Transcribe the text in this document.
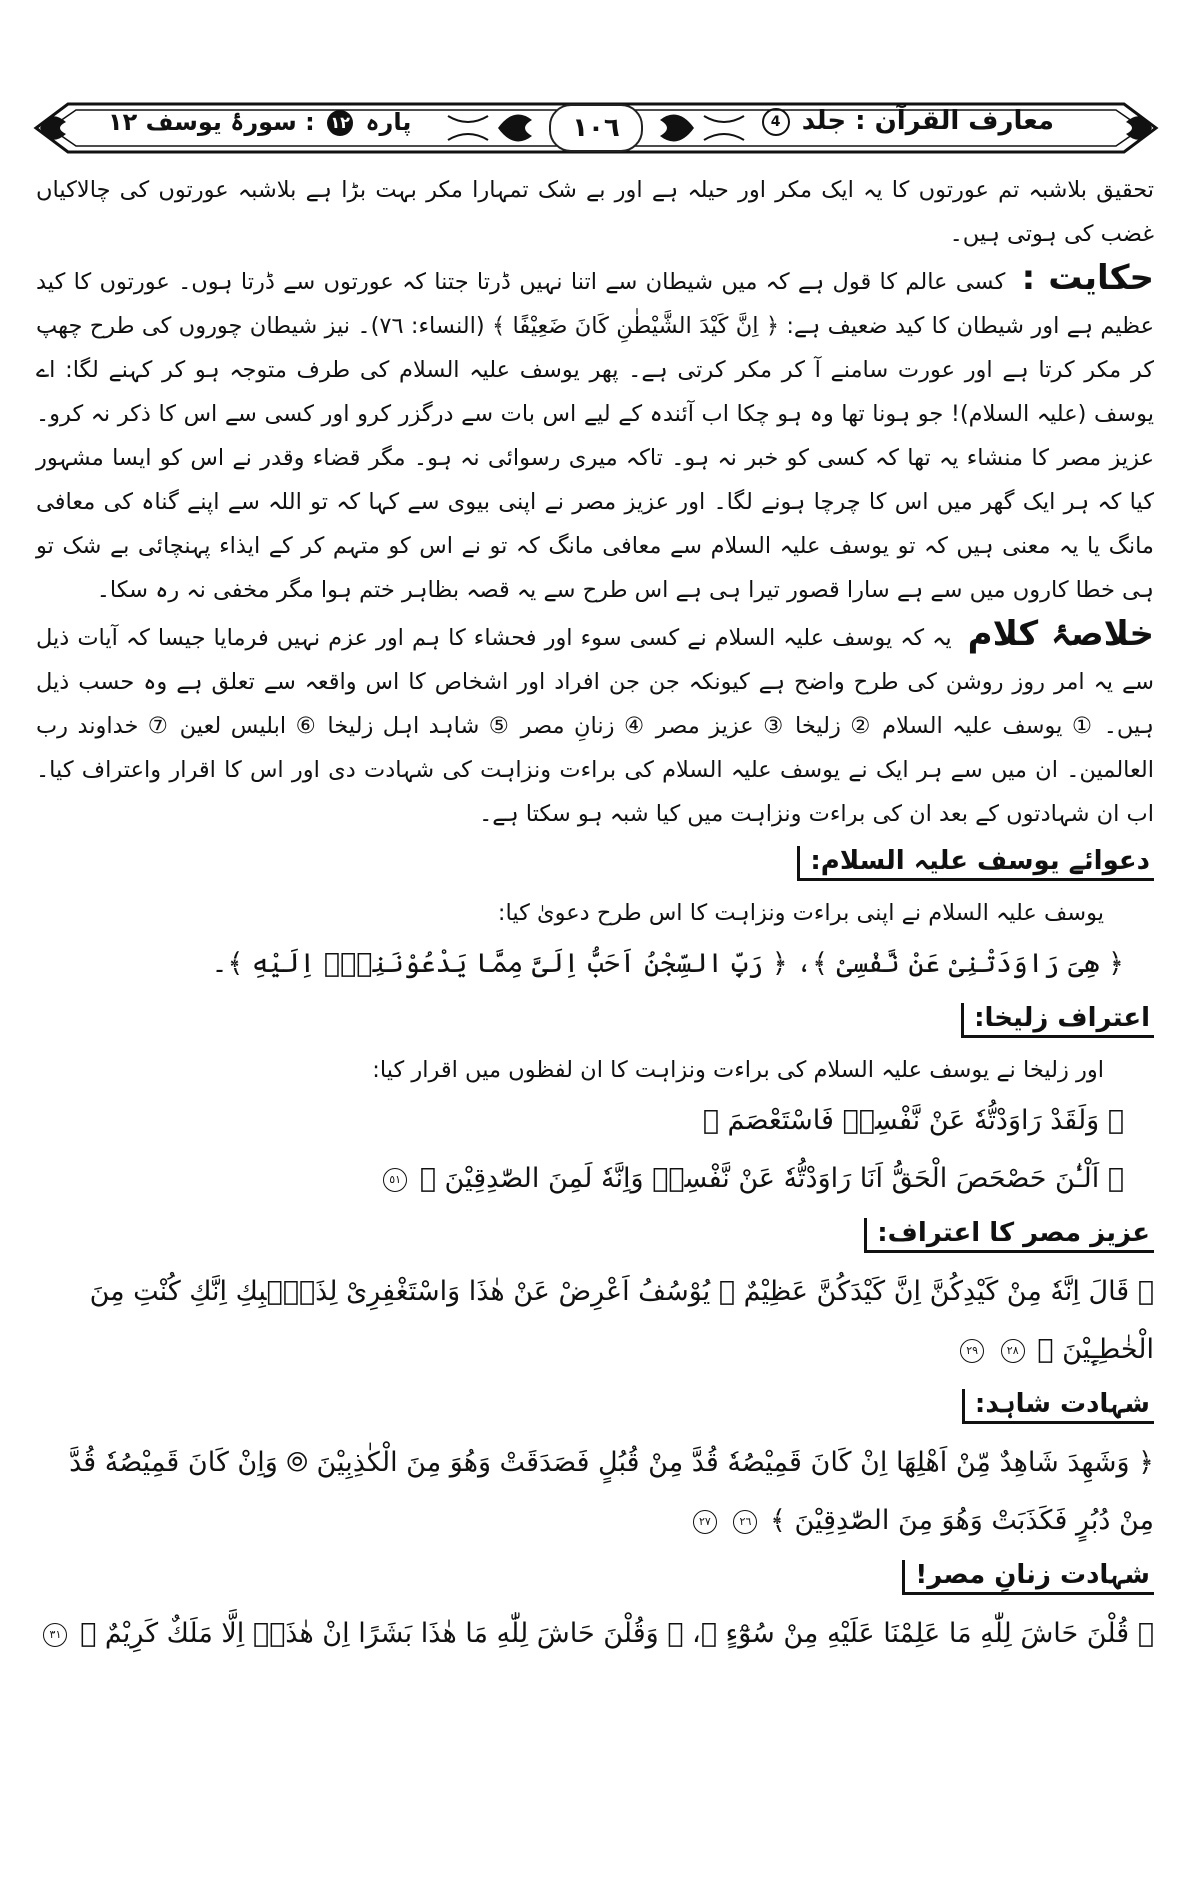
معارف القرآن : جلد 4
١٠٦
پارہ ١٢ : سورۂ یوسف ١٢

تحقیق بلاشبہ تم عورتوں کا یہ ایک مکر اور حیلہ ہے اور بے شک تمہارا مکر بہت بڑا ہے بلاشبہ عورتوں کی چالاکیاں غضب کی ہوتی ہیں۔

حکایت : کسی عالم کا قول ہے کہ میں شیطان سے اتنا نہیں ڈرتا جتنا کہ عورتوں سے ڈرتا ہوں۔ عورتوں کا کید عظیم ہے اور شیطان کا کید ضعیف ہے: ﴿ اِنَّ كَيْدَ الشَّيْطٰنِ كَانَ ضَعِيْفًا ﴾ (النساء: ٧٦)۔ نیز شیطان چوروں کی طرح چھپ کر مکر کرتا ہے اور عورت سامنے آ کر مکر کرتی ہے۔ پھر یوسف علیہ السلام کی طرف متوجہ ہو کر کہنے لگا: اے یوسف (علیہ السلام)! جو ہونا تھا وہ ہو چکا اب آئندہ کے لیے اس بات سے درگزر کرو اور کسی سے اس کا ذکر نہ کرو۔ عزیز مصر کا منشاء یہ تھا کہ کسی کو خبر نہ ہو۔ تاکہ میری رسوائی نہ ہو۔ مگر قضاء وقدر نے اس کو ایسا مشہور کیا کہ ہر ایک گھر میں اس کا چرچا ہونے لگا۔ اور عزیز مصر نے اپنی بیوی سے کہا کہ تو اللہ سے اپنے گناہ کی معافی مانگ یا یہ معنی ہیں کہ تو یوسف علیہ السلام سے معافی مانگ کہ تو نے اس کو متہم کر کے ایذاء پہنچائی بے شک تو ہی خطا کاروں میں سے ہے سارا قصور تیرا ہی ہے اس طرح سے یہ قصہ بظاہر ختم ہوا مگر مخفی نہ رہ سکا۔

خلاصۂ کلام یہ کہ یوسف علیہ السلام نے کسی سوء اور فحشاء کا ہم اور عزم نہیں فرمایا جیسا کہ آیات ذیل سے یہ امر روز روشن کی طرح واضح ہے کیونکہ جن جن افراد اور اشخاص کا اس واقعہ سے تعلق ہے وہ حسب ذیل ہیں۔ ① یوسف علیہ السلام ② زلیخا ③ عزیز مصر ④ زنانِ مصر ⑤ شاہد اہل زلیخا ⑥ ابلیس لعین ⑦ خداوند رب العالمین۔ ان میں سے ہر ایک نے یوسف علیہ السلام کی براءت ونزاہت کی شہادت دی اور اس کا اقرار واعتراف کیا۔ اب ان شہادتوں کے بعد ان کی براءت ونزاہت میں کیا شبہ ہو سکتا ہے۔

دعوائے یوسف علیہ السلام:

یوسف علیہ السلام نے اپنی براءت ونزاہت کا اس طرح دعویٰ کیا:

﴿ هِیَ رَاوَدَتْنِیْ عَنْ نَّفْسِیْ ﴾، ﴿ رَبِّ السِّجْنُ اَحَبُّ اِلَیَّ مِمَّا یَدْعُوْنَنِیْۤ اِلَیْهِ ﴾۔

اعتراف زلیخا:

اور زلیخا نے یوسف علیہ السلام کی براءت ونزاہت کا ان لفظوں میں اقرار کیا:

﴿ وَلَقَدْ رَاوَدْتُّهٗ عَنْ نَّفْسِهٖ فَاسْتَعْصَمَ ﴾

﴿ اَلْـٰٔنَ حَصْحَصَ الْحَقُّ اَنَا رَاوَدْتُّهٗ عَنْ نَّفْسِهٖ وَاِنَّهٗ لَمِنَ الصّٰدِقِیْنَ ﴾ ٥١

عزیز مصر کا اعتراف:

﴿ قَالَ اِنَّهٗ مِنْ كَیْدِكُنَّ اِنَّ كَیْدَكُنَّ عَظِیْمٌ ⦾ یُوْسُفُ اَعْرِضْ عَنْ هٰذَا وَاسْتَغْفِرِیْ لِذَنْۢبِكِ اِنَّكِ كُنْتِ مِنَ الْخٰطِـِٕیْنَ ﴾ ٢٨ ٢٩

شہادت شاہد:

﴿ وَشَهِدَ شَاهِدٌ مِّنْ اَهْلِهَا اِنْ كَانَ قَمِیْصُهٗ قُدَّ مِنْ قُبُلٍ فَصَدَقَتْ وَهُوَ مِنَ الْكٰذِبِیْنَ ⦾ وَاِنْ كَانَ قَمِیْصُهٗ قُدَّ مِنْ دُبُرٍ فَكَذَبَتْ وَهُوَ مِنَ الصّٰدِقِیْنَ ﴾ ٢٦ ٢٧

شہادت زنانِ مصر!

﴿ قُلْنَ حَاشَ لِلّٰهِ مَا عَلِمْنَا عَلَیْهِ مِنْ سُوْٓءٍ ﴾، ﴿ وَقُلْنَ حَاشَ لِلّٰهِ مَا هٰذَا بَشَرًا اِنْ هٰذَاۤ اِلَّا مَلَكٌ كَرِیْمٌ ﴾ ٣١
